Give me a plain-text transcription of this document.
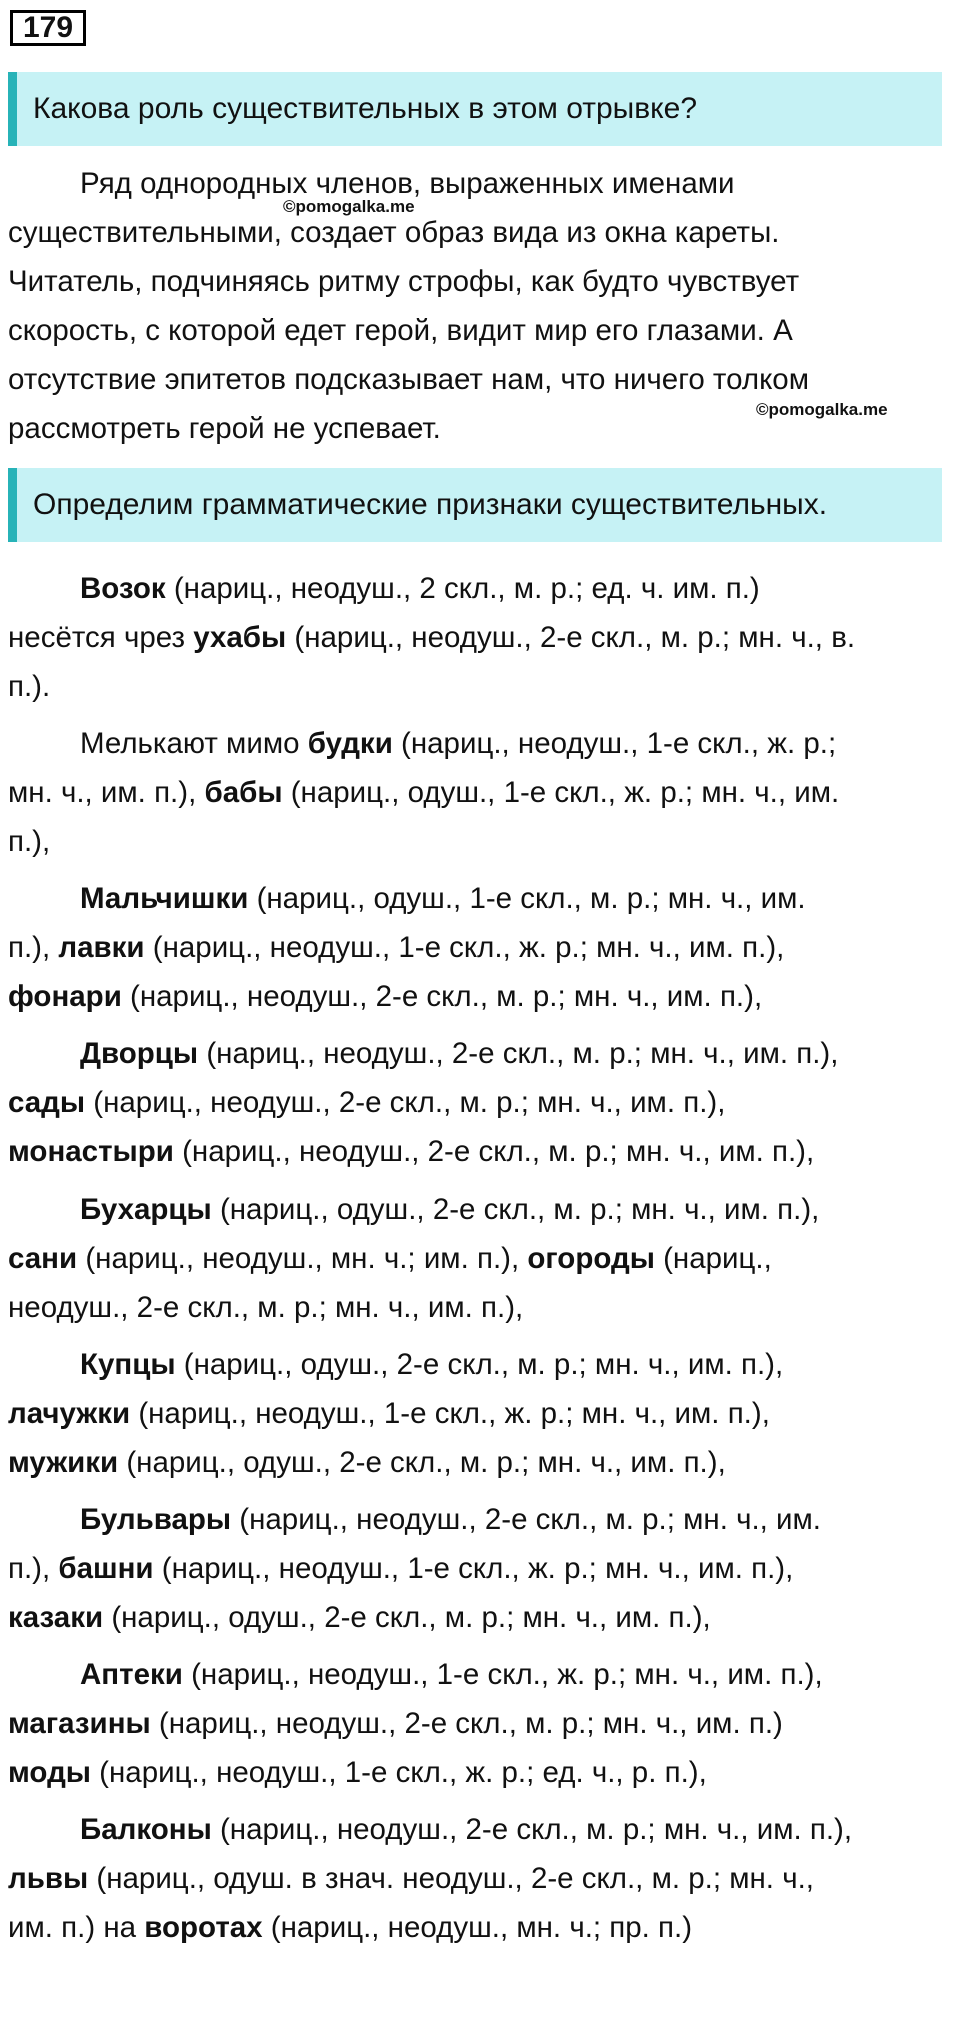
179
Какова роль существительных в этом отрывке?
Ряд однородных членов, выраженных именами
существительными, создает образ вида из окна кареты.
Читатель, подчиняясь ритму строфы, как будто чувствует
скорость, с которой едет герой, видит мир его глазами. А
отсутствие эпитетов подсказывает нам, что ничего толком
рассмотреть герой не успевает.
©pomogalka.me
©pomogalka.me
Определим грамматические признаки существительных.
Возок (нариц., неодуш., 2 скл., м. р.; ед. ч. им. п.)
несётся чрез ухабы (нариц., неодуш., 2-е скл., м. р.; мн. ч., в.
п.).
Мелькают мимо будки (нариц., неодуш., 1-е скл., ж. р.;
мн. ч., им. п.), бабы (нариц., одуш., 1-е скл., ж. р.; мн. ч., им.
п.),
Мальчишки (нариц., одуш., 1-е скл., м. р.; мн. ч., им.
п.), лавки (нариц., неодуш., 1-е скл., ж. р.; мн. ч., им. п.),
фонари (нариц., неодуш., 2-е скл., м. р.; мн. ч., им. п.),
Дворцы (нариц., неодуш., 2-е скл., м. р.; мн. ч., им. п.),
сады (нариц., неодуш., 2-е скл., м. р.; мн. ч., им. п.),
монастыри (нариц., неодуш., 2-е скл., м. р.; мн. ч., им. п.),
Бухарцы (нариц., одуш., 2-е скл., м. р.; мн. ч., им. п.),
сани (нариц., неодуш., мн. ч.; им. п.), огороды (нариц.,
неодуш., 2-е скл., м. р.; мн. ч., им. п.),
Купцы (нариц., одуш., 2-е скл., м. р.; мн. ч., им. п.),
лачужки (нариц., неодуш., 1-е скл., ж. р.; мн. ч., им. п.),
мужики (нариц., одуш., 2-е скл., м. р.; мн. ч., им. п.),
Бульвары (нариц., неодуш., 2-е скл., м. р.; мн. ч., им.
п.), башни (нариц., неодуш., 1-е скл., ж. р.; мн. ч., им. п.),
казаки (нариц., одуш., 2-е скл., м. р.; мн. ч., им. п.),
Аптеки (нариц., неодуш., 1-е скл., ж. р.; мн. ч., им. п.),
магазины (нариц., неодуш., 2-е скл., м. р.; мн. ч., им. п.)
моды (нариц., неодуш., 1-е скл., ж. р.; ед. ч., р. п.),
Балконы (нариц., неодуш., 2-е скл., м. р.; мн. ч., им. п.),
львы (нариц., одуш. в знач. неодуш., 2-е скл., м. р.; мн. ч.,
им. п.) на воротах (нариц., неодуш., мн. ч.; пр. п.)
